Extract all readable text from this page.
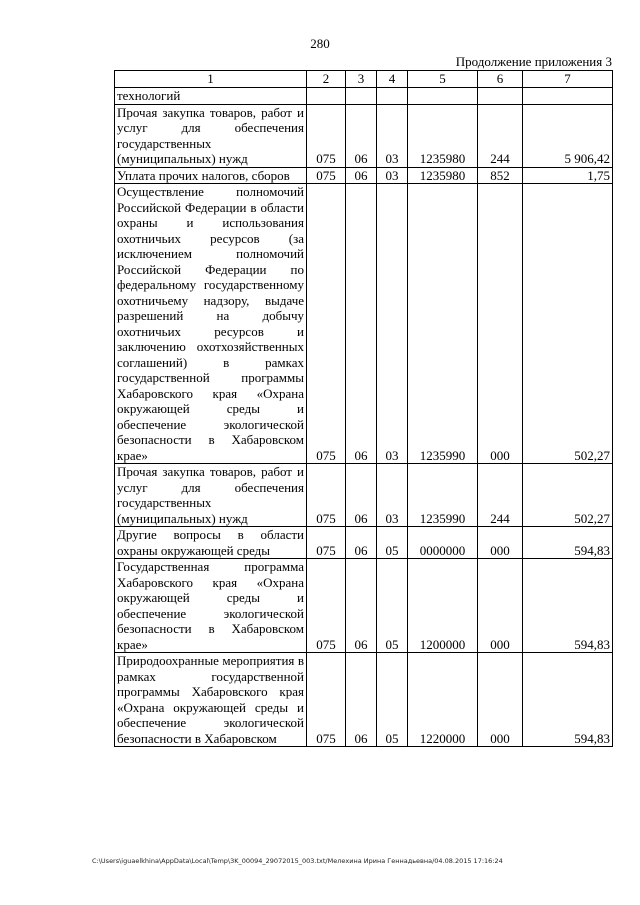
280
Продолжение приложения 3
1	2	3	4	5	6	7
технологий						
Прочая закупка товаров, работ и услуг для обеспечения государственных (муниципальных) нужд	075	06	03	1235980	244	5 906,42
Уплата прочих налогов, сборов	075	06	03	1235980	852	1,75
Осуществление полномочий Российской Федерации в области охраны и использования охотничьих ресурсов (за исключением полномочий Российской Федерации по федеральному государственному охотничьему надзору, выдаче разрешений на добычу охотничьих ресурсов и заключению охотхозяйственных соглашений) в рамках государственной программы Хабаровского края «Охрана окружающей среды и обеспечение экологической безопасности в Хабаровском крае»	075	06	03	1235990	000	502,27
Прочая закупка товаров, работ и услуг для обеспечения государственных (муниципальных) нужд	075	06	03	1235990	244	502,27
Другие вопросы в области охраны окружающей среды	075	06	05	0000000	000	594,83
Государственная программа Хабаровского края «Охрана окружающей среды и обеспечение экологической безопасности в Хабаровском крае»	075	06	05	1200000	000	594,83
Природоохранные мероприятия в рамках государственной программы Хабаровского края «Охрана окружающей среды и обеспечение экологической безопасности в Хабаровском	075	06	05	1220000	000	594,83
C:\Users\iguaelkhina\AppData\Local\Temp\3K_00094_29072015_003.txt/Мелехина Ирина Геннадьевна/04.08.2015 17:16:24
